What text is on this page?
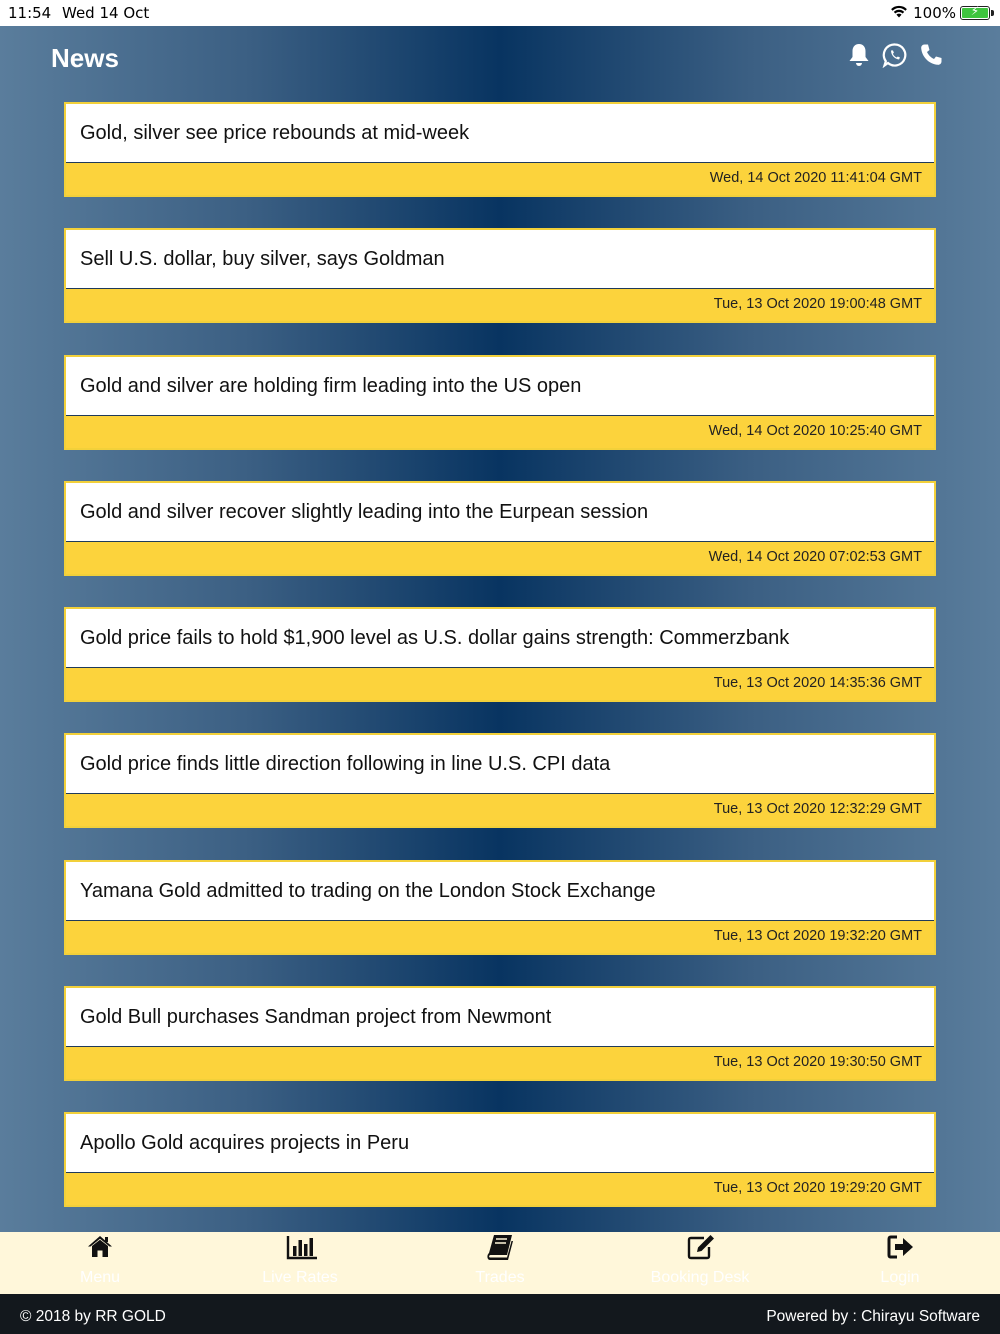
11:54 Wed 14 Oct	100%	⚡
News
Gold, silver see price rebounds at mid-week
Wed, 14 Oct 2020 11:41:04 GMT
Sell U.S. dollar, buy silver, says Goldman
Tue, 13 Oct 2020 19:00:48 GMT
Gold and silver are holding firm leading into the US open
Wed, 14 Oct 2020 10:25:40 GMT
Gold and silver recover slightly leading into the Eurpean session
Wed, 14 Oct 2020 07:02:53 GMT
Gold price fails to hold $1,900 level as U.S. dollar gains strength: Commerzbank
Tue, 13 Oct 2020 14:35:36 GMT
Gold price finds little direction following in line U.S. CPI data
Tue, 13 Oct 2020 12:32:29 GMT
Yamana Gold admitted to trading on the London Stock Exchange
Tue, 13 Oct 2020 19:32:20 GMT
Gold Bull purchases Sandman project from Newmont
Tue, 13 Oct 2020 19:30:50 GMT
Apollo Gold acquires projects in Peru
Tue, 13 Oct 2020 19:29:20 GMT
Menu	Live Rates	Trades	Booking Desk	Login
© 2018 by RR GOLD	Powered by : Chirayu Software
